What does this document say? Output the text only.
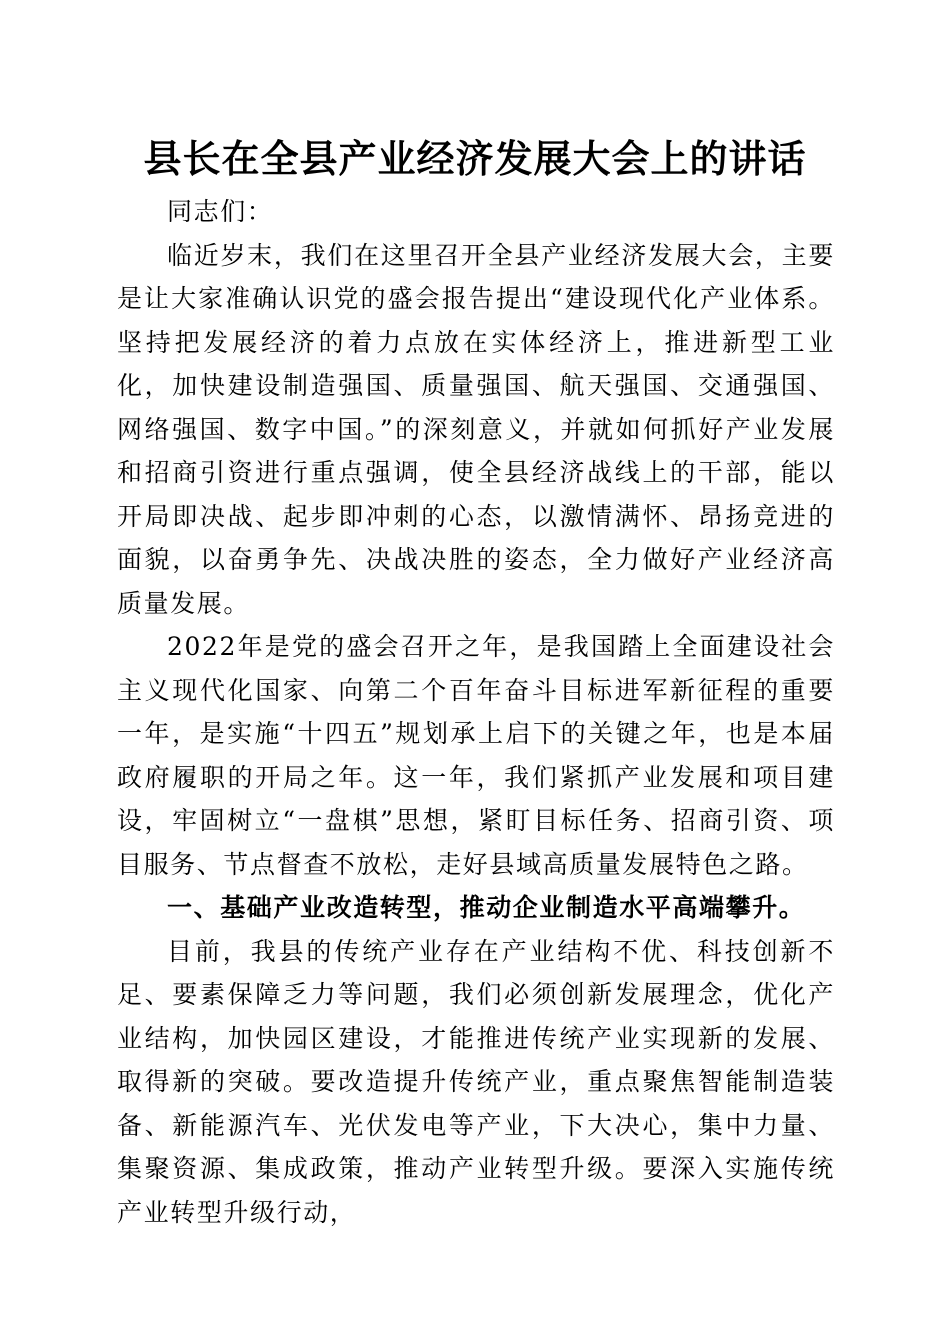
县长在全县产业经济发展大会上的讲话

同志们：

临近岁末，我们在这里召开全县产业经济发展大会，主要是让大家准确认识党的盛会报告提出“建设现代化产业体系。坚持把发展经济的着力点放在实体经济上，推进新型工业化，加快建设制造强国、质量强国、航天强国、交通强国、网络强国、数字中国。”的深刻意义，并就如何抓好产业发展和招商引资进行重点强调，使全县经济战线上的干部，能以开局即决战、起步即冲刺的心态，以激情满怀、昂扬竞进的面貌，以奋勇争先、决战决胜的姿态，全力做好产业经济高质量发展。

2022年是党的盛会召开之年，是我国踏上全面建设社会主义现代化国家、向第二个百年奋斗目标进军新征程的重要一年，是实施“十四五”规划承上启下的关键之年，也是本届政府履职的开局之年。这一年，我们紧抓产业发展和项目建设，牢固树立“一盘棋”思想，紧盯目标任务、招商引资、项目服务、节点督查不放松，走好县域高质量发展特色之路。

一、基础产业改造转型，推动企业制造水平高端攀升。

目前，我县的传统产业存在产业结构不优、科技创新不足、要素保障乏力等问题，我们必须创新发展理念，优化产业结构，加快园区建设，才能推进传统产业实现新的发展、取得新的突破。要改造提升传统产业，重点聚焦智能制造装备、新能源汽车、光伏发电等产业，下大决心，集中力量、集聚资源、集成政策，推动产业转型升级。要深入实施传统产业转型升级行动，
